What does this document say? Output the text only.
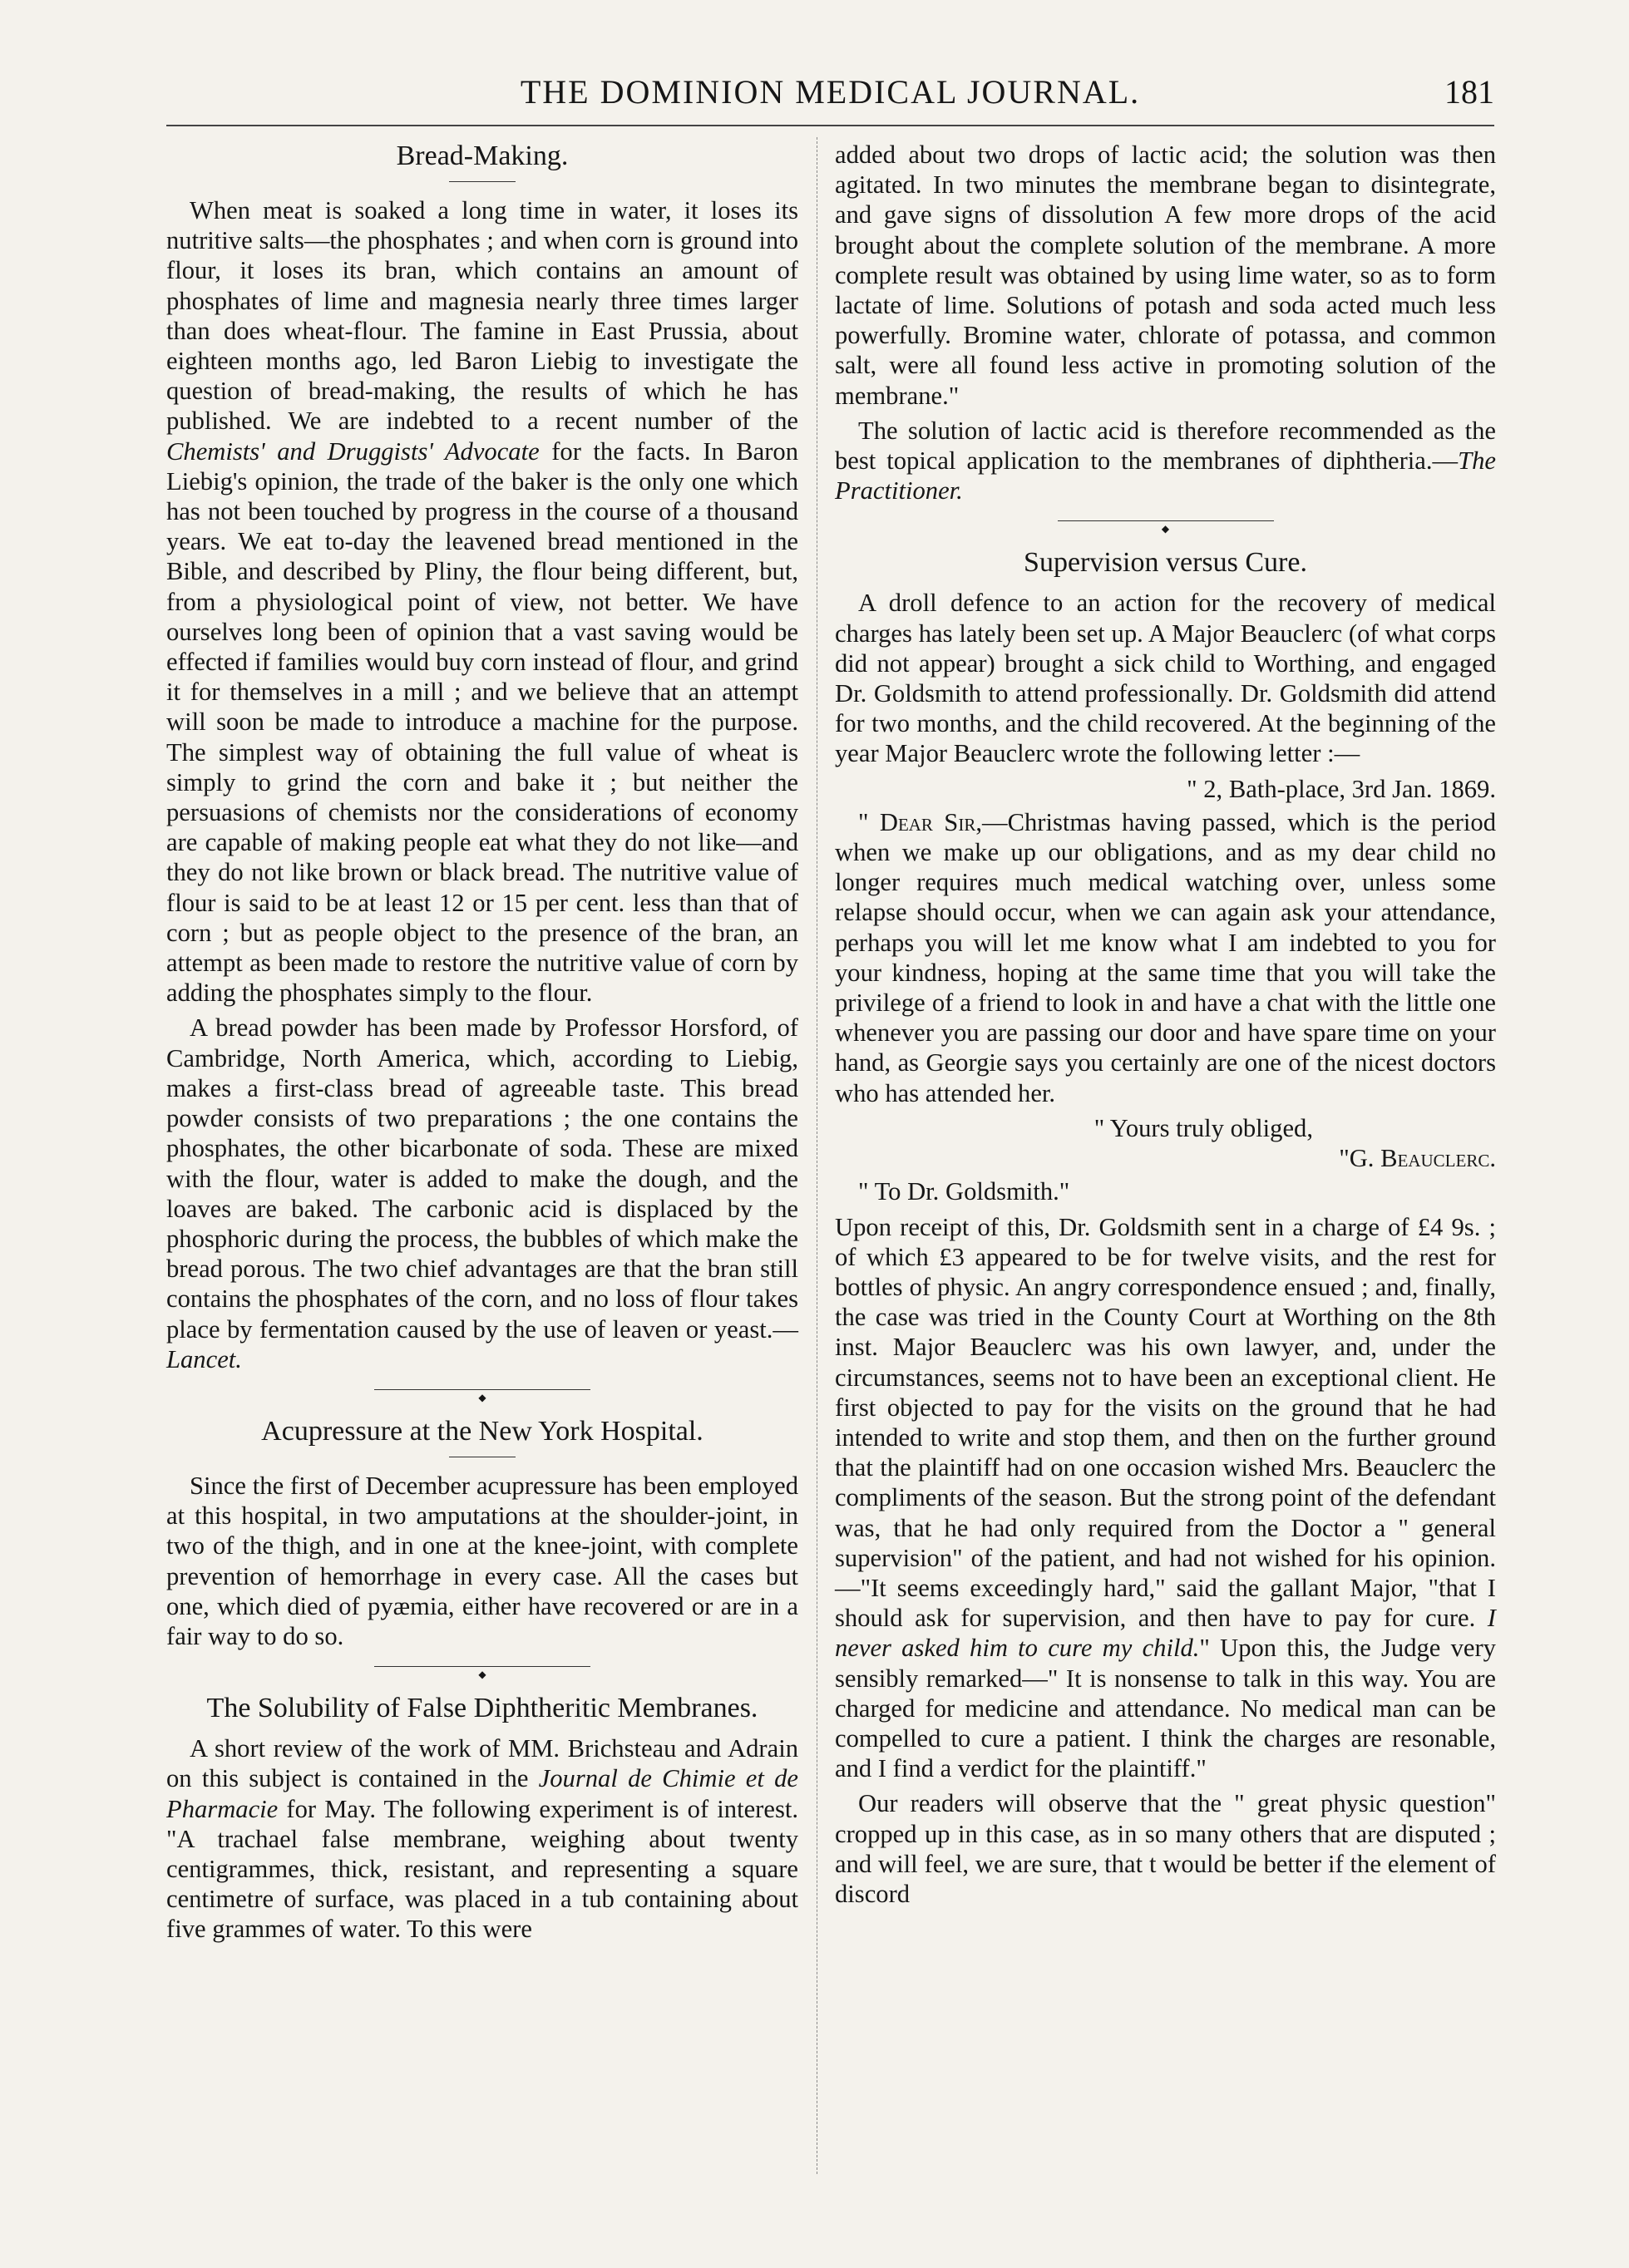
THE DOMINION MEDICAL JOURNAL.	181
Bread-Making.

When meat is soaked a long time in water, it loses its nutritive salts—the phosphates ; and when corn is ground into flour, it loses its bran, which contains an amount of phosphates of lime and magnesia nearly three times larger than does wheat-flour. The famine in East Prussia, about eighteen months ago, led Baron Liebig to investigate the question of bread-making, the results of which he has published. We are indebted to a recent number of the Chemists' and Druggists' Advocate for the facts. In Baron Liebig's opinion, the trade of the baker is the only one which has not been touched by progress in the course of a thousand years. We eat to-day the leavened bread mentioned in the Bible, and described by Pliny, the flour being different, but, from a physiological point of view, not better. We have ourselves long been of opinion that a vast saving would be effected if families would buy corn instead of flour, and grind it for themselves in a mill ; and we believe that an attempt will soon be made to introduce a machine for the purpose. The simplest way of obtaining the full value of wheat is simply to grind the corn and bake it ; but neither the persuasions of chemists nor the considerations of economy are capable of making people eat what they do not like—and they do not like brown or black bread. The nutritive value of flour is said to be at least 12 or 15 per cent. less than that of corn ; but as people object to the presence of the bran, an attempt as been made to restore the nutritive value of corn by adding the phosphates simply to the flour.

A bread powder has been made by Professor Horsford, of Cambridge, North America, which, according to Liebig, makes a first-class bread of agreeable taste. This bread powder consists of two preparations ; the one contains the phosphates, the other bicarbonate of soda. These are mixed with the flour, water is added to make the dough, and the loaves are baked. The carbonic acid is displaced by the phosphoric during the process, the bubbles of which make the bread porous. The two chief advantages are that the bran still contains the phosphates of the corn, and no loss of flour takes place by fermentation caused by the use of leaven or yeast.—Lancet.

◆
Acupressure at the New York Hospital.

Since the first of December acupressure has been employed at this hospital, in two amputations at the shoulder-joint, in two of the thigh, and in one at the knee-joint, with complete prevention of hemorrhage in every case. All the cases but one, which died of pyæmia, either have recovered or are in a fair way to do so.

◆
The Solubility of False Diphtheritic Membranes.

A short review of the work of MM. Brichsteau and Adrain on this subject is contained in the Journal de Chimie et de Pharmacie for May. The following experiment is of interest. "A trachael false membrane, weighing about twenty centigrammes, thick, resistant, and representing a square centimetre of surface, was placed in a tub containing about five grammes of water. To this were

added about two drops of lactic acid; the solution was then agitated. In two minutes the membrane began to disintegrate, and gave signs of dissolution A few more drops of the acid brought about the complete solution of the membrane. A more complete result was obtained by using lime water, so as to form lactate of lime. Solutions of potash and soda acted much less powerfully. Bromine water, chlorate of potassa, and common salt, were all found less active in promoting solution of the membrane."

The solution of lactic acid is therefore recommended as the best topical application to the membranes of diphtheria.—The Practitioner.

◆
Supervision versus Cure.

A droll defence to an action for the recovery of medical charges has lately been set up. A Major Beauclerc (of what corps did not appear) brought a sick child to Worthing, and engaged Dr. Goldsmith to attend professionally. Dr. Goldsmith did attend for two months, and the child recovered. At the beginning of the year Major Beauclerc wrote the following letter :—

" 2, Bath-place, 3rd Jan. 1869.

" Dear Sir,—Christmas having passed, which is the period when we make up our obligations, and as my dear child no longer requires much medical watching over, unless some relapse should occur, when we can again ask your attendance, perhaps you will let me know what I am indebted to you for your kindness, hoping at the same time that you will take the privilege of a friend to look in and have a chat with the little one whenever you are passing our door and have spare time on your hand, as Georgie says you certainly are one of the nicest doctors who has attended her.

" Yours truly obliged,

"G. Beauclerc.

" To Dr. Goldsmith."

Upon receipt of this, Dr. Goldsmith sent in a charge of £4 9s. ; of which £3 appeared to be for twelve visits, and the rest for bottles of physic. An angry correspondence ensued ; and, finally, the case was tried in the County Court at Worthing on the 8th inst. Major Beauclerc was his own lawyer, and, under the circumstances, seems not to have been an exceptional client. He first objected to pay for the visits on the ground that he had intended to write and stop them, and then on the further ground that the plaintiff had on one occasion wished Mrs. Beauclerc the compliments of the season. But the strong point of the defendant was, that he had only required from the Doctor a " general supervision" of the patient, and had not wished for his opinion.—"It seems exceedingly hard," said the gallant Major, "that I should ask for supervision, and then have to pay for cure. I never asked him to cure my child." Upon this, the Judge very sensibly remarked—" It is nonsense to talk in this way. You are charged for medicine and attendance. No medical man can be compelled to cure a patient. I think the charges are resonable, and I find a verdict for the plaintiff."

Our readers will observe that the " great physic question" cropped up in this case, as in so many others that are disputed ; and will feel, we are sure, that t would be better if the element of discord
